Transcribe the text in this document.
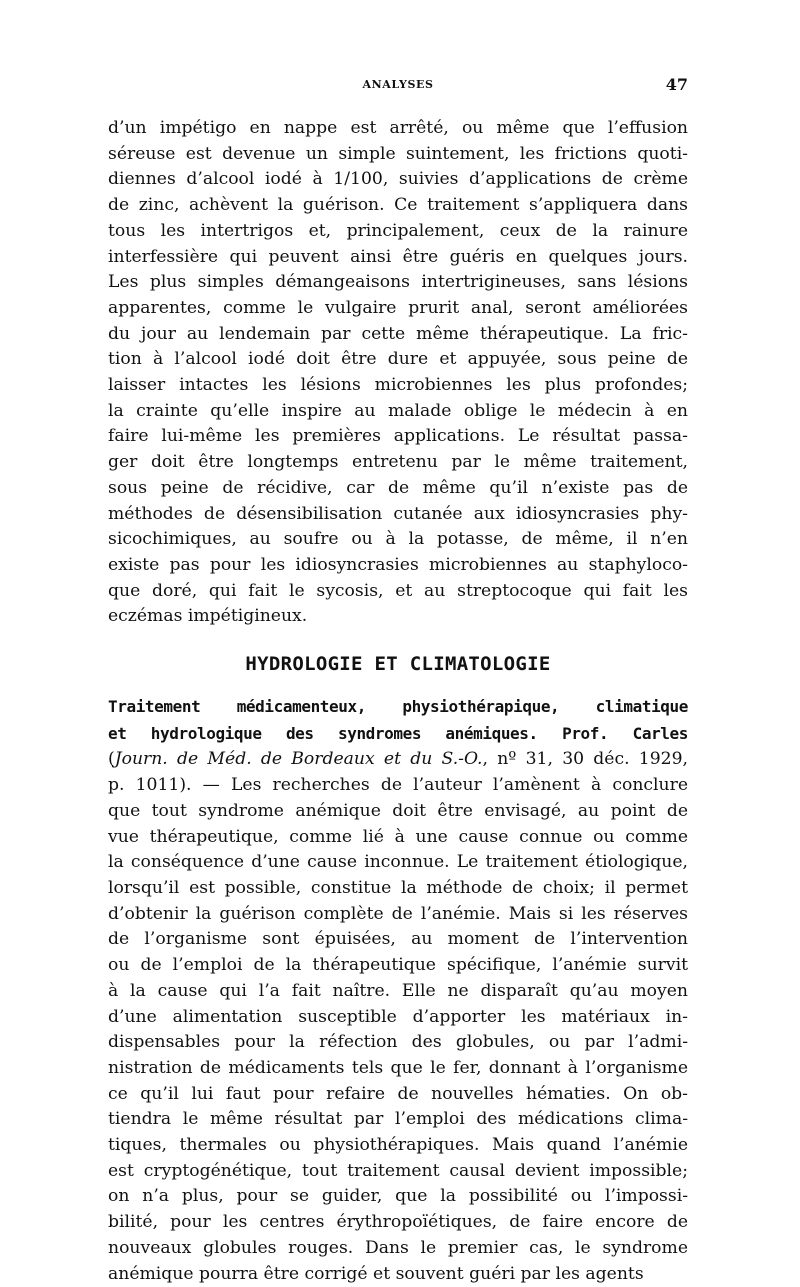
ANALYSES	47

d’un impétigo en nappe est arrêté, ou même que l’effusion
séreuse est devenue un simple suintement, les frictions quoti-
diennes d’alcool iodé à 1/100, suivies d’applications de crème
de zinc, achèvent la guérison. Ce traitement s’appliquera dans
tous les intertrigos et, principalement, ceux de la rainure
interfessière qui peuvent ainsi être guéris en quelques jours.
Les plus simples démangeaisons intertrigineuses, sans lésions
apparentes, comme le vulgaire prurit anal, seront améliorées
du jour au lendemain par cette même thérapeutique. La fric-
tion à l’alcool iodé doit être dure et appuyée, sous peine de
laisser intactes les lésions microbiennes les plus profondes;
la crainte qu’elle inspire au malade oblige le médecin à en
faire lui-même les premières applications. Le résultat passa-
ger doit être longtemps entretenu par le même traitement,
sous peine de récidive, car de même qu’il n’existe pas de
méthodes de désensibilisation cutanée aux idiosyncrasies phy-
sicochimiques, au soufre ou à la potasse, de même, il n’en
existe pas pour les idiosyncrasies microbiennes au staphyloco-
que doré, qui fait le sycosis, et au streptocoque qui fait les
eczémas impétigineux.

HYDROLOGIE ET CLIMATOLOGIE

Traitement médicamenteux, physiothérapique, climatique
et hydrologique des syndromes anémiques. Prof. Carles
(Journ. de Méd. de Bordeaux et du S.-O., nº 31, 30 déc. 1929,
p. 1011). — Les recherches de l’auteur l’amènent à conclure
que tout syndrome anémique doit être envisagé, au point de
vue thérapeutique, comme lié à une cause connue ou comme
la conséquence d’une cause inconnue. Le traitement étiologique,
lorsqu’il est possible, constitue la méthode de choix; il permet
d’obtenir la guérison complète de l’anémie. Mais si les réserves
de l’organisme sont épuisées, au moment de l’intervention
ou de l’emploi de la thérapeutique spécifique, l’anémie survit
à la cause qui l’a fait naître. Elle ne disparaît qu’au moyen
d’une alimentation susceptible d’apporter les matériaux in-
dispensables pour la réfection des globules, ou par l’admi-
nistration de médicaments tels que le fer, donnant à l’organisme
ce qu’il lui faut pour refaire de nouvelles hématies. On ob-
tiendra le même résultat par l’emploi des médications clima-
tiques, thermales ou physiothérapiques. Mais quand l’anémie
est cryptogénétique, tout traitement causal devient impossible;
on n’a plus, pour se guider, que la possibilité ou l’impossi-
bilité, pour les centres érythropoïétiques, de faire encore de
nouveaux globules rouges. Dans le premier cas, le syndrome
anémique pourra être corrigé et souvent guéri par les agents
